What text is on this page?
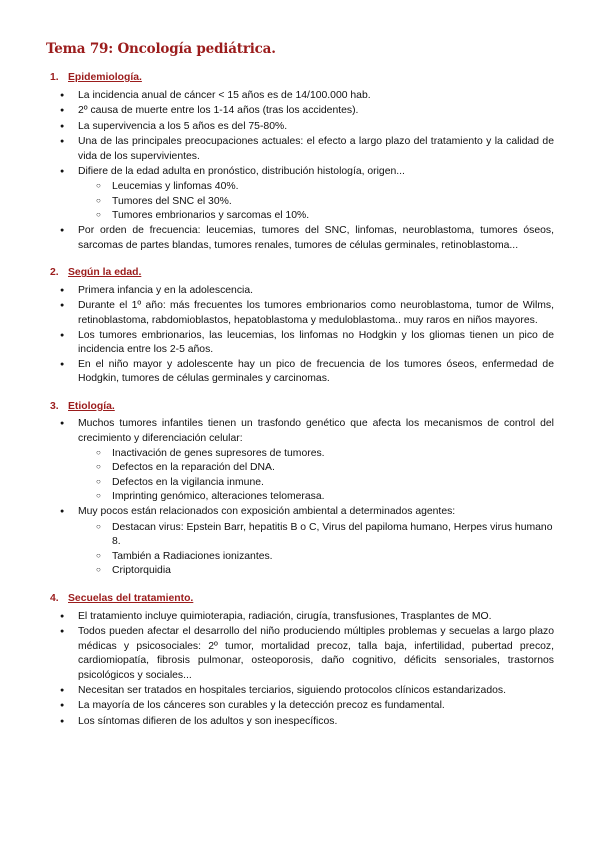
Tema 79: Oncología pediátrica.
1. Epidemiología.
●
La incidencia anual de cáncer < 15 años es de 14/100.000 hab.
●
2º causa de muerte entre los 1-14 años (tras los accidentes).
●
La supervivencia a los 5 años es del 75-80%.
●
Una de las principales preocupaciones actuales: el efecto a largo plazo del tratamiento y la calidad de vida de los supervivientes.
●
Difiere de la edad adulta en pronóstico, distribución histología, origen...
○
Leucemias y linfomas 40%.
○
Tumores del SNC el 30%.
○
Tumores embrionarios y sarcomas el 10%.
●
Por orden de frecuencia: leucemias, tumores del SNC, linfomas, neuroblastoma, tumores óseos, sarcomas de partes blandas, tumores renales, tumores de células germinales, retinoblastoma...
2. Según la edad.
●
Primera infancia y en la adolescencia.
●
Durante el 1º año: más frecuentes los tumores embrionarios como neuroblastoma, tumor de Wilms, retinoblastoma, rabdomioblastos, hepatoblastoma y meduloblastoma.. muy raros en niños mayores.
●
Los tumores embrionarios, las leucemias, los linfomas no Hodgkin y los gliomas tienen un pico de incidencia entre los 2-5 años.
●
En el niño mayor y adolescente hay un pico de frecuencia de los tumores óseos, enfermedad de Hodgkin, tumores de células germinales y carcinomas.
3. Etiología.
●
Muchos tumores infantiles tienen un trasfondo genético que afecta los mecanismos de control del crecimiento y diferenciación celular:
○
Inactivación de genes supresores de tumores.
○
Defectos en la reparación del DNA.
○
Defectos en la vigilancia inmune.
○
Imprinting genómico, alteraciones telomerasa.
●
Muy pocos están relacionados con exposición ambiental a determinados agentes:
○
Destacan virus: Epstein Barr, hepatitis B o C, Virus del papiloma humano, Herpes virus humano 8.
○
También a Radiaciones ionizantes.
○
Criptorquidia
4. Secuelas del tratamiento.
●
El tratamiento incluye quimioterapia, radiación, cirugía, transfusiones, Trasplantes de MO.
●
Todos pueden afectar el desarrollo del niño produciendo múltiples problemas y secuelas a largo plazo médicas y psicosociales: 2º tumor, mortalidad precoz, talla baja, infertilidad, pubertad precoz, cardiomiopatía, fibrosis pulmonar, osteoporosis, daño cognitivo, déficits sensoriales, trastornos psicológicos y sociales...
●
Necesitan ser tratados en hospitales terciarios, siguiendo protocolos clínicos estandarizados.
●
La mayoría de los cánceres son curables y la detección precoz es fundamental.
●
Los síntomas difieren de los adultos y son inespecíficos.
